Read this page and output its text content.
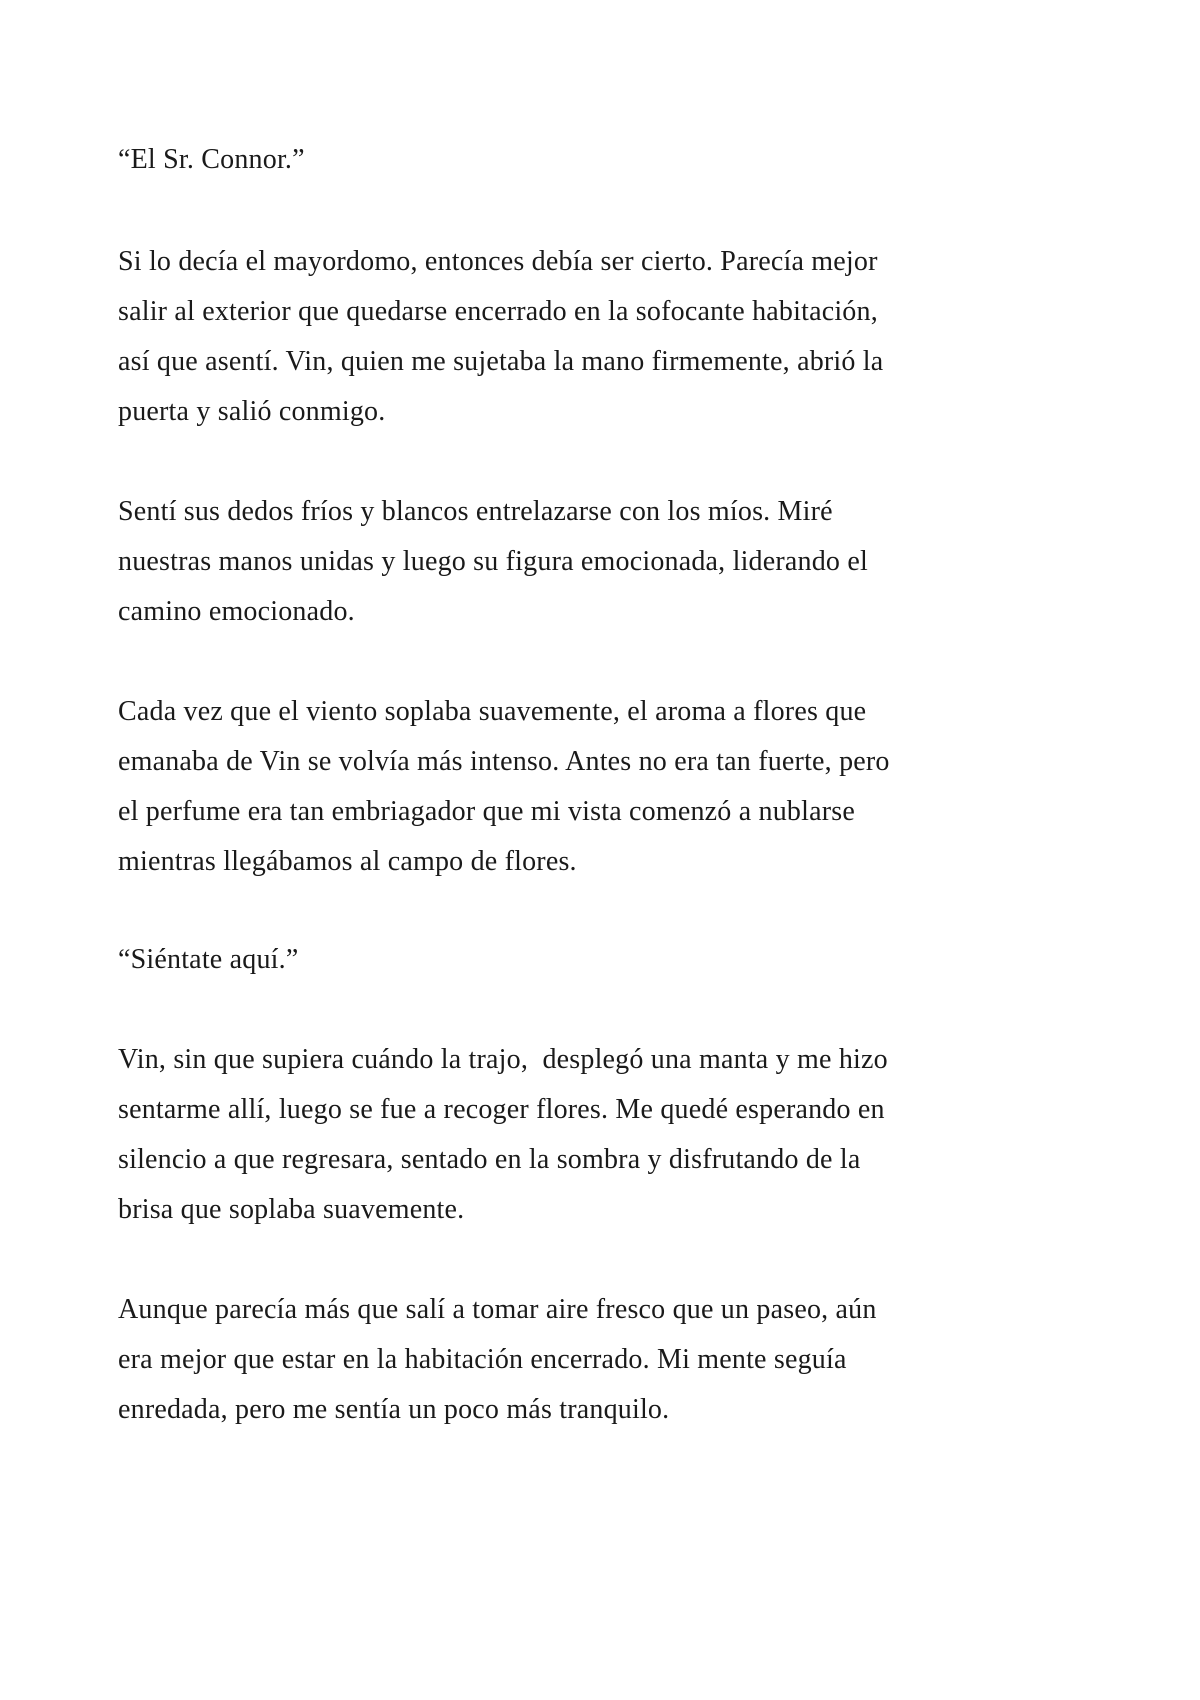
“El Sr. Connor.”
Si lo decía el mayordomo, entonces debía ser cierto. Parecía mejor
salir al exterior que quedarse encerrado en la sofocante habitación,
así que asentí. Vin, quien me sujetaba la mano firmemente, abrió la
puerta y salió conmigo.
Sentí sus dedos fríos y blancos entrelazarse con los míos. Miré
nuestras manos unidas y luego su figura emocionada, liderando el
camino emocionado.
Cada vez que el viento soplaba suavemente, el aroma a flores que
emanaba de Vin se volvía más intenso. Antes no era tan fuerte, pero
el perfume era tan embriagador que mi vista comenzó a nublarse
mientras llegábamos al campo de flores.
“Siéntate aquí.”
Vin, sin que supiera cuándo la trajo,  desplegó una manta y me hizo
sentarme allí, luego se fue a recoger flores. Me quedé esperando en
silencio a que regresara, sentado en la sombra y disfrutando de la
brisa que soplaba suavemente.
Aunque parecía más que salí a tomar aire fresco que un paseo, aún
era mejor que estar en la habitación encerrado. Mi mente seguía
enredada, pero me sentía un poco más tranquilo.
